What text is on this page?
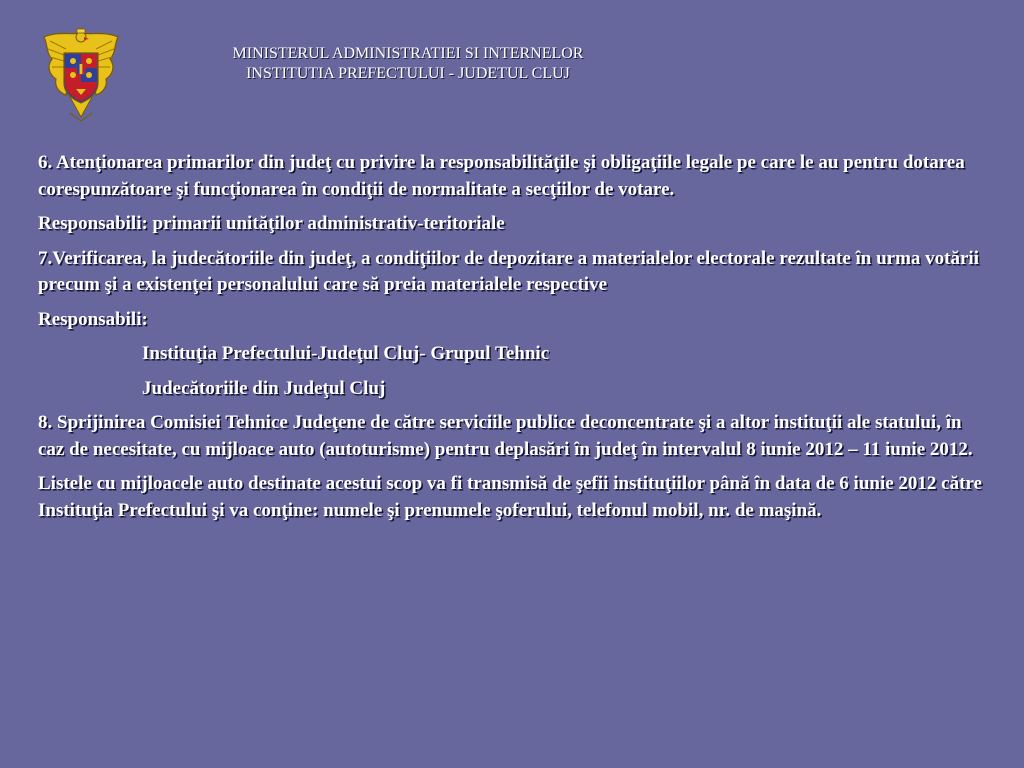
MINISTERUL ADMINISTRATIEI SI INTERNELOR
INSTITUTIA PREFECTULUI - JUDETUL CLUJ

6. Atenţionarea primarilor din judeţ cu privire la responsabilităţile şi obligaţiile legale pe care le au pentru dotarea corespunzătoare şi funcţionarea în condiţii de normalitate a secţiilor de votare.

Responsabili: primarii unităţilor administrativ-teritoriale

7.Verificarea, la judecătoriile din judeţ, a condiţiilor de depozitare a materialelor electorale rezultate în urma votării precum şi a existenţei personalului care să preia materialele respective

Responsabili:

Instituţia Prefectului-Judeţul Cluj- Grupul Tehnic

Judecătoriile din Judeţul Cluj

8. Sprijinirea Comisiei Tehnice Judeţene de către serviciile publice deconcentrate şi a altor instituţii ale statului, în caz de necesitate, cu mijloace auto (autoturisme) pentru deplasări în judeţ în intervalul 8 iunie 2012 – 11 iunie 2012.

Listele cu mijloacele auto destinate acestui scop va fi transmisă de şefii instituţiilor până în data de 6 iunie 2012 către Instituţia Prefectului şi va conţine: numele şi prenumele şoferului, telefonul mobil, nr. de maşină.
